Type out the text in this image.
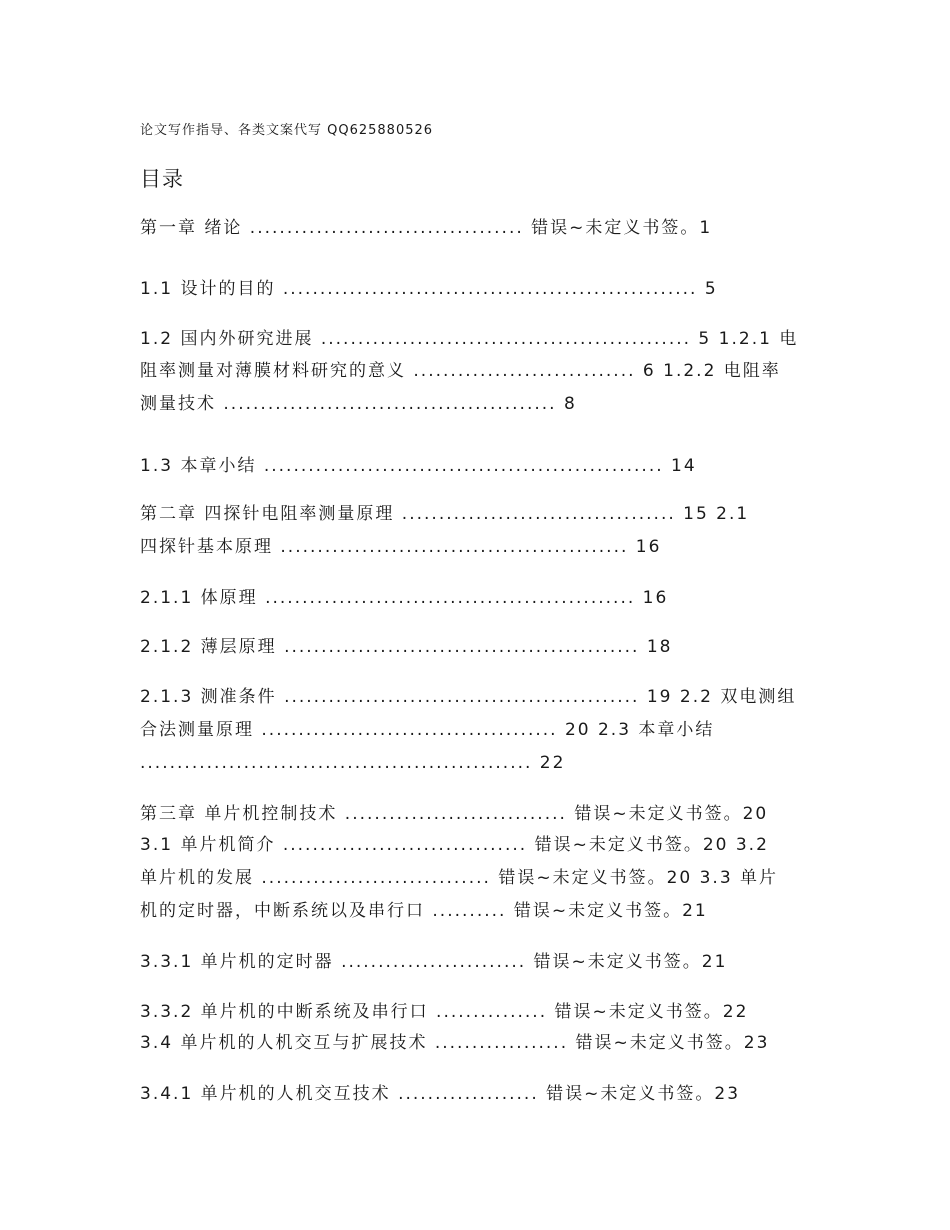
论文写作指导、各类文案代写 QQ625880526
目录
第一章 绪论 ..................................... 错误~未定义书签。1
1.1 设计的目的 ........................................................ 5
1.2 国内外研究进展 .................................................. 5 1.2.1 电
阻率测量对薄膜材料研究的意义 .............................. 6 1.2.2 电阻率
测量技术 ............................................. 8
1.3 本章小结 ...................................................... 14
第二章 四探针电阻率测量原理 ..................................... 15 2.1
四探针基本原理 ............................................... 16
2.1.1 体原理 .................................................. 16
2.1.2 薄层原理 ................................................ 18
2.1.3 测准条件 ................................................ 19 2.2 双电测组
合法测量原理 ........................................ 20 2.3 本章小结
..................................................... 22
第三章 单片机控制技术 .............................. 错误~未定义书签。20
3.1 单片机简介 ................................. 错误~未定义书签。20 3.2
单片机的发展 ............................... 错误~未定义书签。20 3.3 单片
机的定时器，中断系统以及串行口 .......... 错误~未定义书签。21
3.3.1 单片机的定时器 ......................... 错误~未定义书签。21
3.3.2 单片机的中断系统及串行口 ............... 错误~未定义书签。22
3.4 单片机的人机交互与扩展技术 .................. 错误~未定义书签。23
3.4.1 单片机的人机交互技术 ................... 错误~未定义书签。23
